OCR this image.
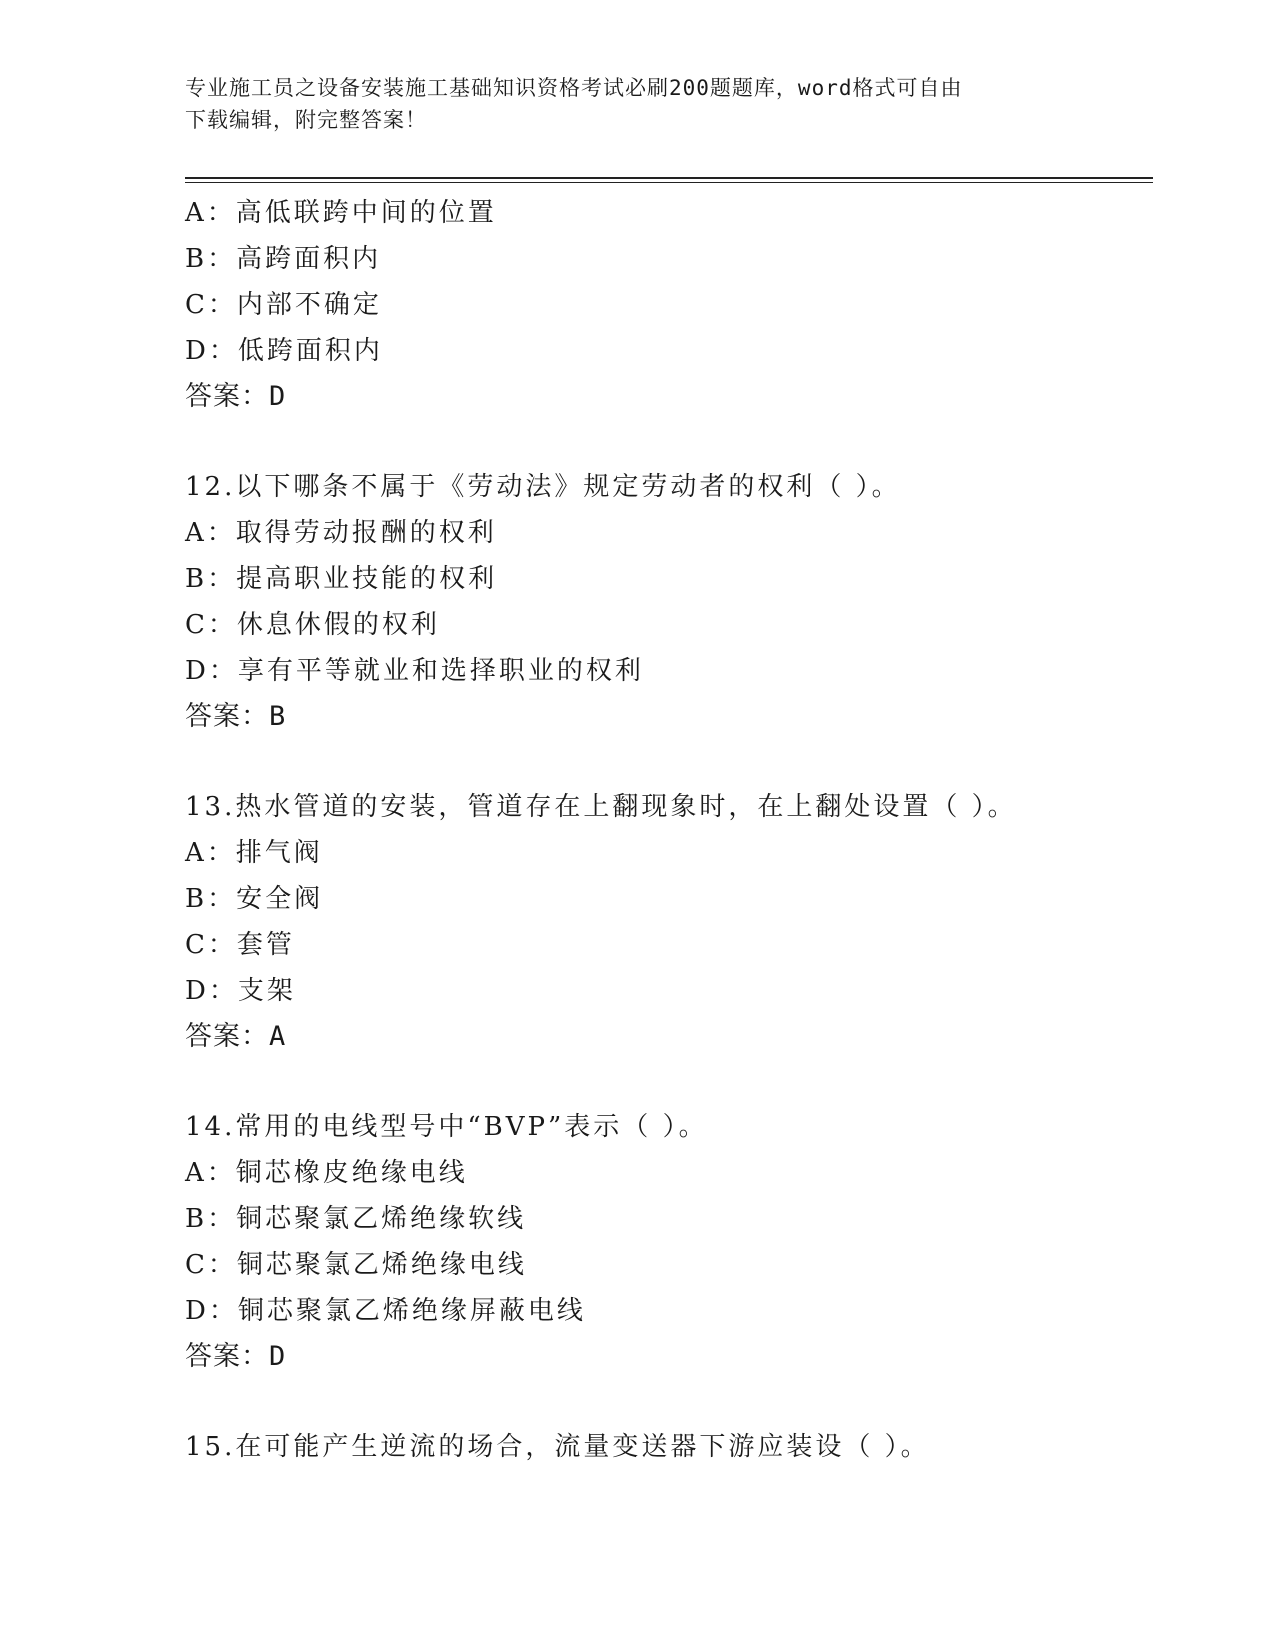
专业施工员之设备安装施工基础知识资格考试必刷200题题库，word格式可自由
下载编辑，附完整答案！
A：高低联跨中间的位置
B：高跨面积内
C：内部不确定
D：低跨面积内
答案：D
12.以下哪条不属于《劳动法》规定劳动者的权利（ ）。
A：取得劳动报酬的权利
B：提高职业技能的权利
C：休息休假的权利
D：享有平等就业和选择职业的权利
答案：B
13.热水管道的安装，管道存在上翻现象时，在上翻处设置（ ）。
A：排气阀
B：安全阀
C：套管
D：支架
答案：A
14.常用的电线型号中“BVP”表示（ ）。
A：铜芯橡皮绝缘电线
B：铜芯聚氯乙烯绝缘软线
C：铜芯聚氯乙烯绝缘电线
D：铜芯聚氯乙烯绝缘屏蔽电线
答案：D
15.在可能产生逆流的场合，流量变送器下游应装设（ ）。
